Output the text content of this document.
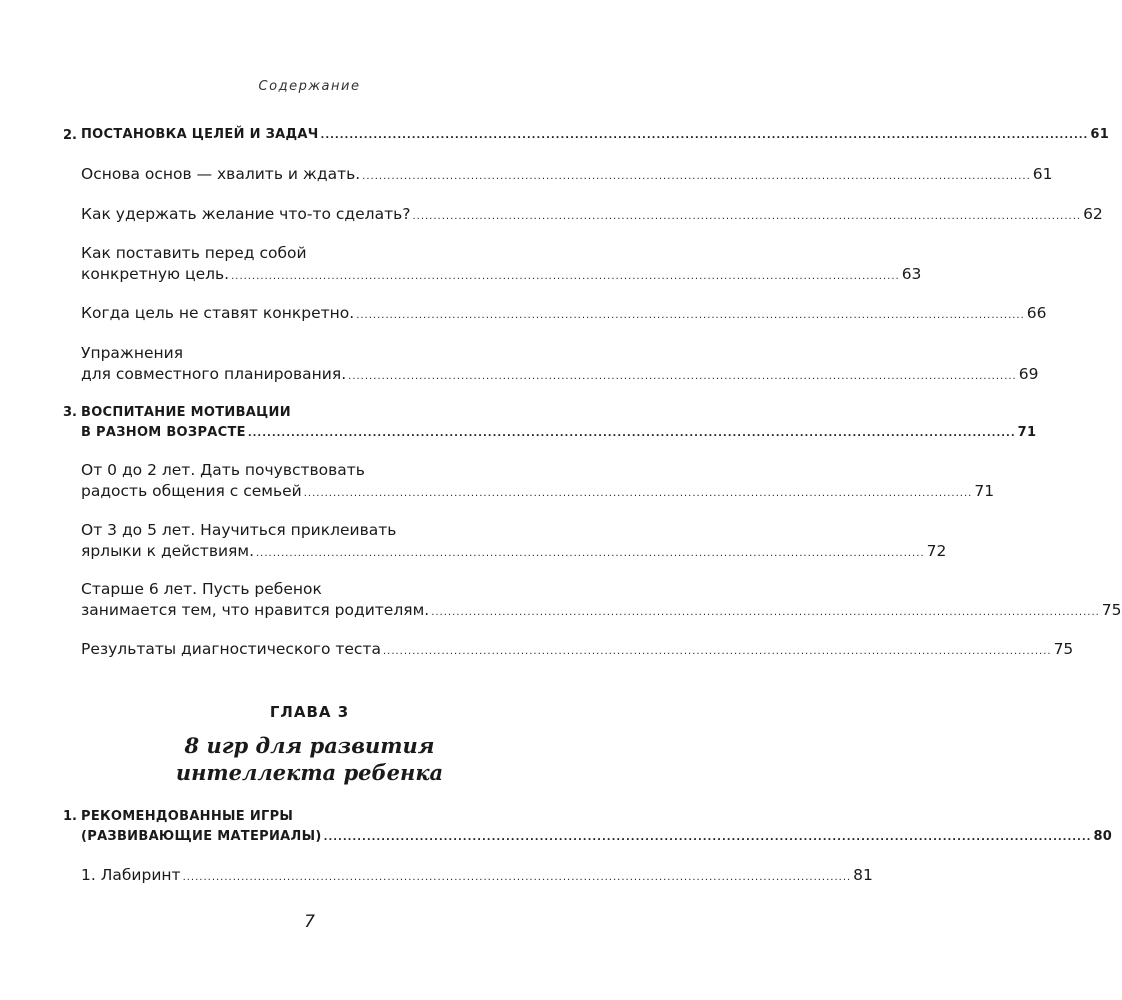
Содержание
2. ПОСТАНОВКА ЦЕЛЕЙ И ЗАДАЧ ................................................................................................................................................................ 61
Основа основ — хвалить и ждать. ................................................................................................................................................................ 61
Как удержать желание что-то сделать? ................................................................................................................................................................ 62
Как поставить перед собой
конкретную цель. ................................................................................................................................................................ 63
Когда цель не ставят конкретно. ................................................................................................................................................................ 66
Упражнения
для совместного планирования. ................................................................................................................................................................ 69
3. ВОСПИТАНИЕ МОТИВАЦИИ
В РАЗНОМ ВОЗРАСТЕ ................................................................................................................................................................ 71
От 0 до 2 лет. Дать почувствовать
радость общения с семьей ................................................................................................................................................................ 71
От 3 до 5 лет. Научиться приклеивать
ярлыки к действиям. ................................................................................................................................................................ 72
Старше 6 лет. Пусть ребенок
занимается тем, что нравится родителям. ................................................................................................................................................................ 75
Результаты диагностического теста ................................................................................................................................................................ 75
ГЛАВА 3
8 игр для развития
интеллекта ребенка
1. РЕКОМЕНДОВАННЫЕ ИГРЫ
(РАЗВИВАЮЩИЕ МАТЕРИАЛЫ) ................................................................................................................................................................ 80
1. Лабиринт ................................................................................................................................................................ 81
7
